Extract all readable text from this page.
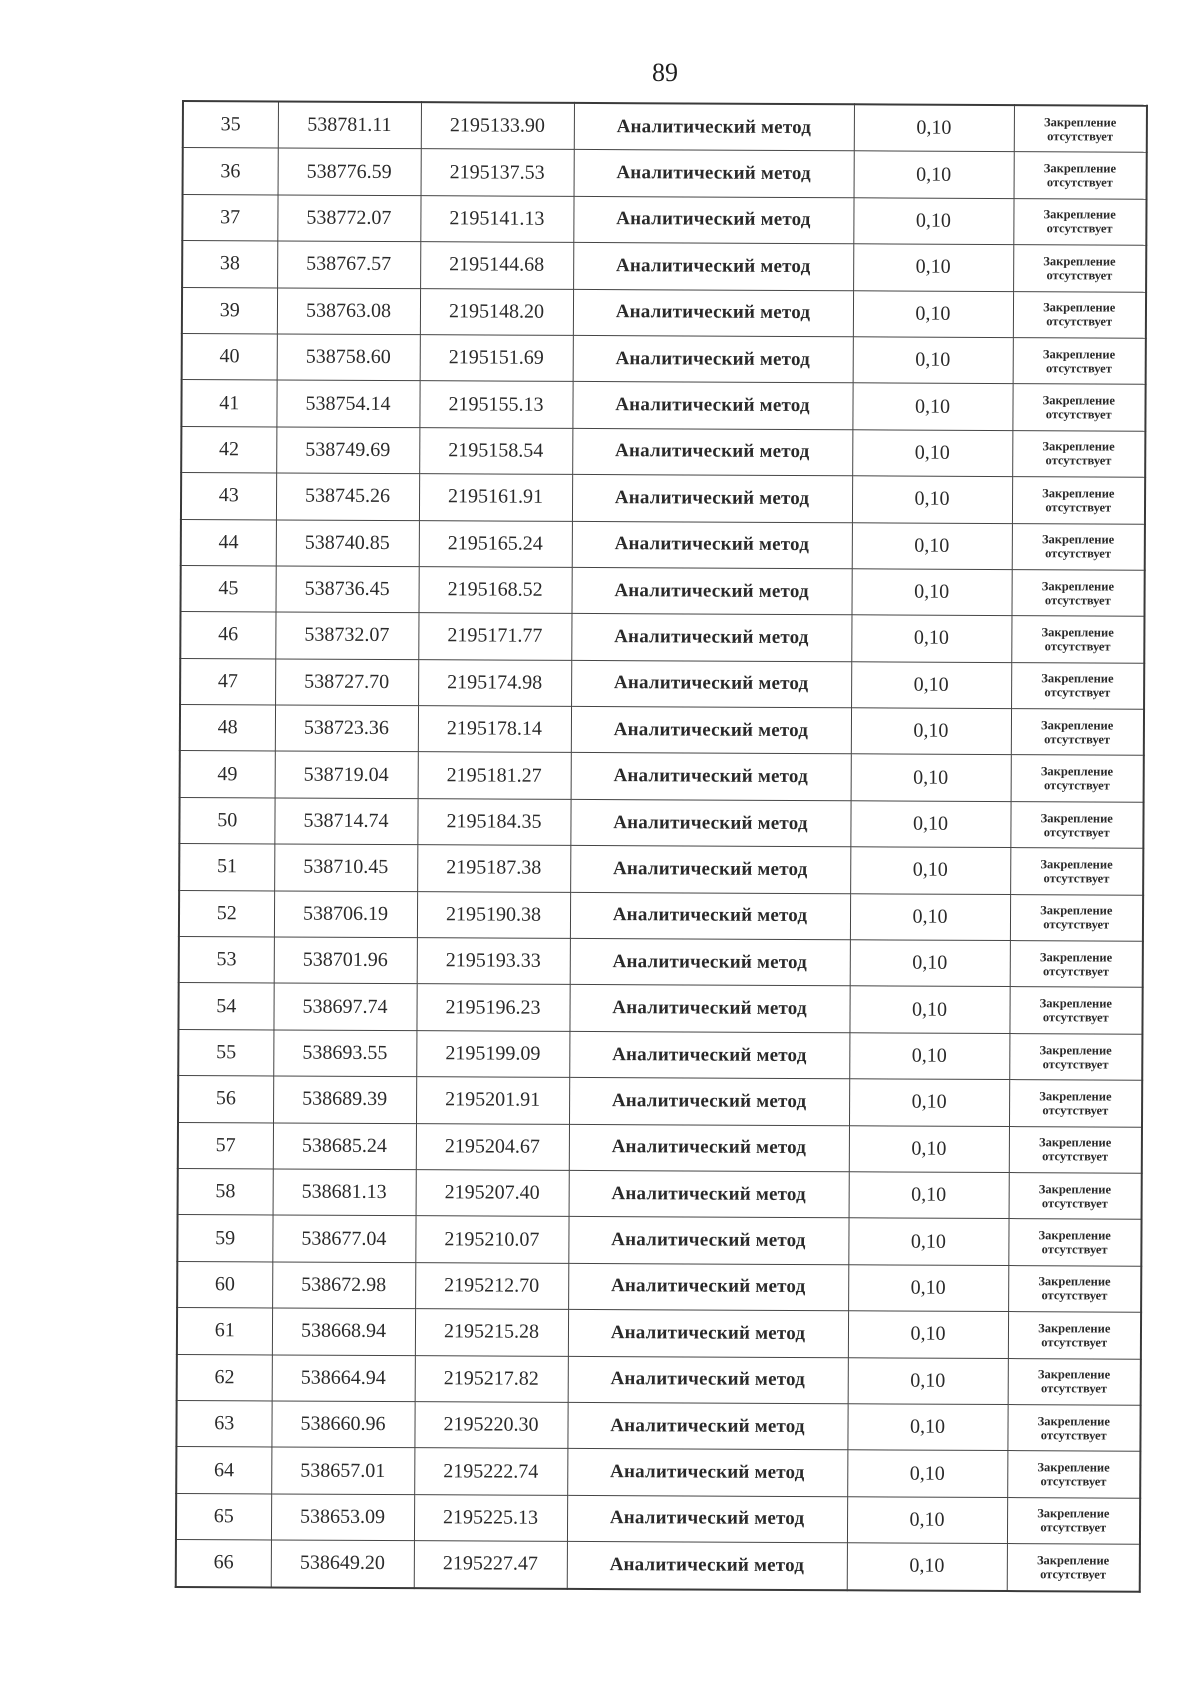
89
35	538781.11	2195133.90	Аналитический метод	0,10	Закрепление
отсутствует

36	538776.59	2195137.53	Аналитический метод	0,10	Закрепление
отсутствует

37	538772.07	2195141.13	Аналитический метод	0,10	Закрепление
отсутствует

38	538767.57	2195144.68	Аналитический метод	0,10	Закрепление
отсутствует

39	538763.08	2195148.20	Аналитический метод	0,10	Закрепление
отсутствует

40	538758.60	2195151.69	Аналитический метод	0,10	Закрепление
отсутствует

41	538754.14	2195155.13	Аналитический метод	0,10	Закрепление
отсутствует

42	538749.69	2195158.54	Аналитический метод	0,10	Закрепление
отсутствует

43	538745.26	2195161.91	Аналитический метод	0,10	Закрепление
отсутствует

44	538740.85	2195165.24	Аналитический метод	0,10	Закрепление
отсутствует

45	538736.45	2195168.52	Аналитический метод	0,10	Закрепление
отсутствует

46	538732.07	2195171.77	Аналитический метод	0,10	Закрепление
отсутствует

47	538727.70	2195174.98	Аналитический метод	0,10	Закрепление
отсутствует

48	538723.36	2195178.14	Аналитический метод	0,10	Закрепление
отсутствует

49	538719.04	2195181.27	Аналитический метод	0,10	Закрепление
отсутствует

50	538714.74	2195184.35	Аналитический метод	0,10	Закрепление
отсутствует

51	538710.45	2195187.38	Аналитический метод	0,10	Закрепление
отсутствует

52	538706.19	2195190.38	Аналитический метод	0,10	Закрепление
отсутствует

53	538701.96	2195193.33	Аналитический метод	0,10	Закрепление
отсутствует

54	538697.74	2195196.23	Аналитический метод	0,10	Закрепление
отсутствует

55	538693.55	2195199.09	Аналитический метод	0,10	Закрепление
отсутствует

56	538689.39	2195201.91	Аналитический метод	0,10	Закрепление
отсутствует

57	538685.24	2195204.67	Аналитический метод	0,10	Закрепление
отсутствует

58	538681.13	2195207.40	Аналитический метод	0,10	Закрепление
отсутствует

59	538677.04	2195210.07	Аналитический метод	0,10	Закрепление
отсутствует

60	538672.98	2195212.70	Аналитический метод	0,10	Закрепление
отсутствует

61	538668.94	2195215.28	Аналитический метод	0,10	Закрепление
отсутствует

62	538664.94	2195217.82	Аналитический метод	0,10	Закрепление
отсутствует

63	538660.96	2195220.30	Аналитический метод	0,10	Закрепление
отсутствует

64	538657.01	2195222.74	Аналитический метод	0,10	Закрепление
отсутствует

65	538653.09	2195225.13	Аналитический метод	0,10	Закрепление
отсутствует

66	538649.20	2195227.47	Аналитический метод	0,10	Закрепление
отсутствует
